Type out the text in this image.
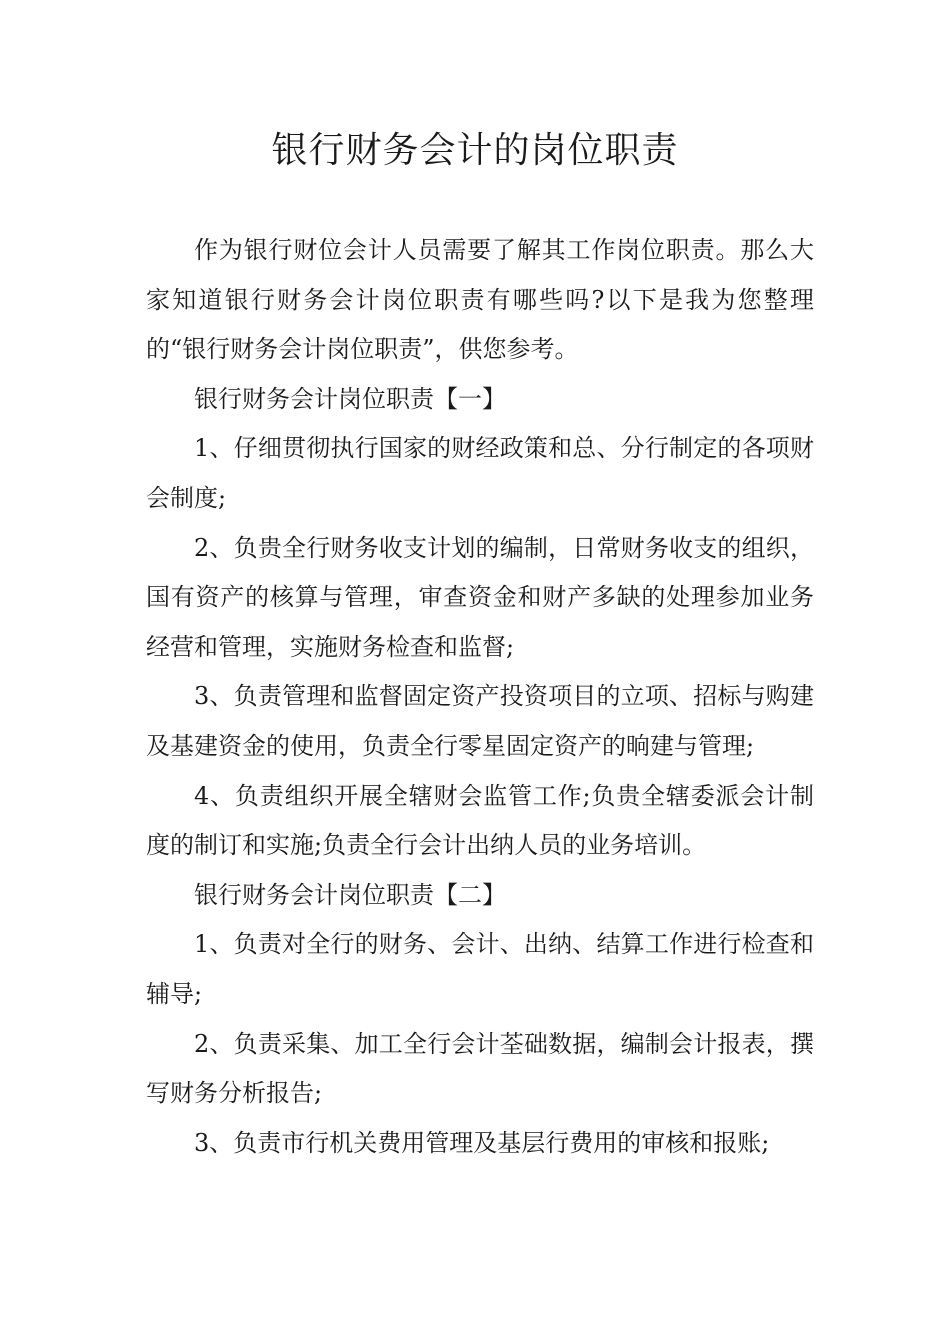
银行财务会计的岗位职责

作为银行财位会计人员需要了解其工作岗位职责。那么大家知道银行财务会计岗位职责有哪些吗?以下是我为您整理的“银行财务会计岗位职责”，供您参考。

银行财务会计岗位职责【一】

1、仔细贯彻执行国家的财经政策和总、分行制定的各项财会制度;

2、负贵全行财务收支计划的编制，日常财务收支的组织，国有资产的核算与管理，审查资金和财产多缺的处理参加业务经营和管理，实施财务检查和监督;

3、负责管理和监督固定资产投资项目的立项、招标与购建及基建资金的使用，负责全行零星固定资产的晌建与管理;

4、负责组织开展全辖财会监管工作;负贵全辖委派会计制度的制订和实施;负责全行会计出纳人员的业务培训。

银行财务会计岗位职责【二】

1、负责对全行的财务、会计、出纳、结算工作进行检查和辅导;

2、负责采集、加工全行会计荃础数据，编制会计报表，撰写财务分析报告;

3、负责市行机关费用管理及基层行费用的审核和报账;
